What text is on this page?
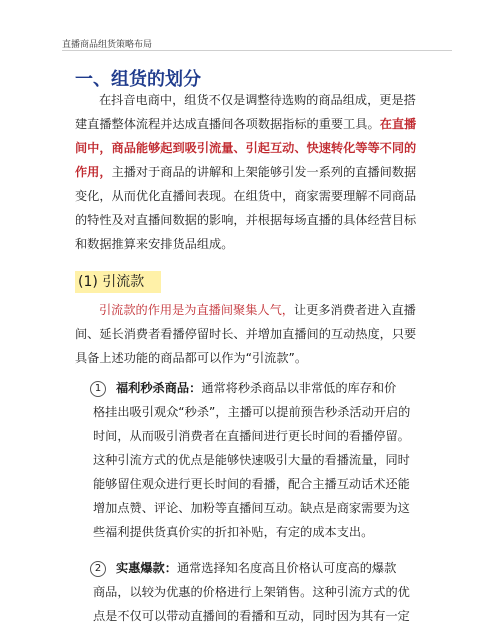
直播商品组货策略布局
一、组货的划分
在抖音电商中，组货不仅是调整待选购的商品组成，更是搭
建直播整体流程并达成直播间各项数据指标的重要工具。在直播
间中，商品能够起到吸引流量、引起互动、快速转化等等不同的
作用，主播对于商品的讲解和上架能够引发一系列的直播间数据
变化，从而优化直播间表现。在组货中，商家需要理解不同商品
的特性及对直播间数据的影响，并根据每场直播的具体经营目标
和数据推算来安排货品组成。
(1) 引流款
引流款的作用是为直播间聚集人气，让更多消费者进入直播
间、延长消费者看播停留时长、并增加直播间的互动热度，只要
具备上述功能的商品都可以作为“引流款”。
1 福利秒杀商品：通常将秒杀商品以非常低的库存和价
格挂出吸引观众“秒杀”，主播可以提前预告秒杀活动开启的
时间，从而吸引消费者在直播间进行更长时间的看播停留。
这种引流方式的优点是能够快速吸引大量的看播流量，同时
能够留住观众进行更长时间的看播，配合主播互动话术还能
增加点赞、评论、加粉等直播间互动。缺点是商家需要为这
些福利提供货真价实的折扣补贴，有定的成本支出。
2 实惠爆款：通常选择知名度高且价格认可度高的爆款
商品，以较为优惠的价格进行上架销售。这种引流方式的优
点是不仅可以带动直播间的看播和互动，同时因为其有一定
